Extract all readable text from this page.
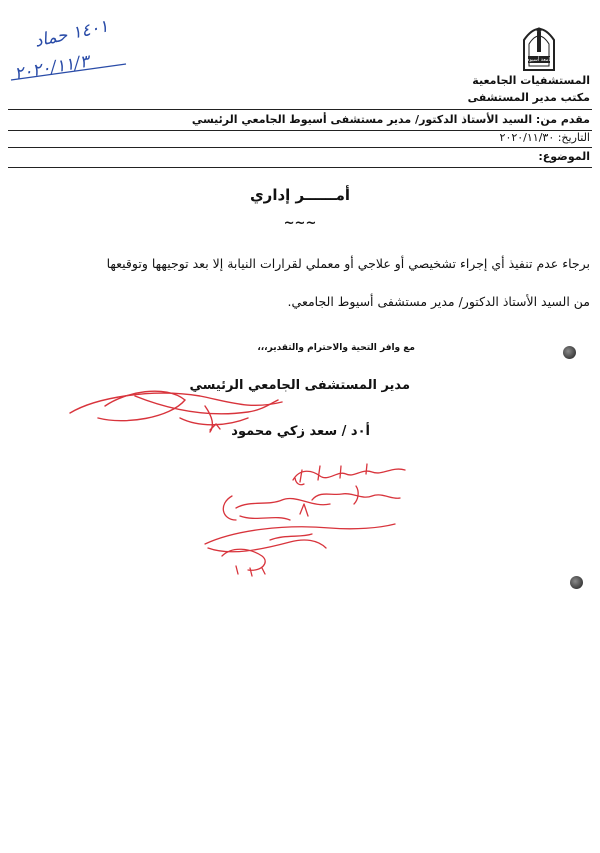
١٤٠١ حماد
٢٠٢٠/١١/٣	جامعة أسيوط
المستشفيات الجامعية
مكتب مدير المستشفى
مقدم من: السيد الأستاذ الدكتور/ مدير مستشفى أسيوط الجامعي الرئيسي
التاريخ: ٢٠٢٠/١١/٣٠
الموضوع:
أمــــــر إداري
~~~
برجاء عدم تنفيذ أي إجراء تشخيصي أو علاجي أو معملي لقرارات النيابة إلا بعد توجيهها وتوقيعها
من السيد الأستاذ الدكتور/ مدير مستشفى أسيوط الجامعي.
مع وافر التحية والاحترام والتقدير،،،
مدير المستشفى الجامعي الرئيسي
أ٠د / سعد زكي محمود
